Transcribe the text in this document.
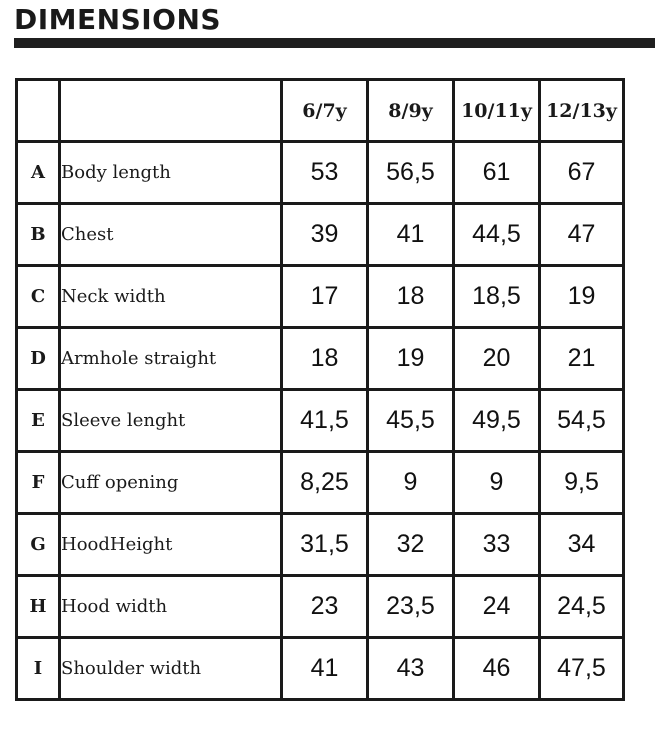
DIMENSIONS
		6/7y	8/9y	10/11y	12/13y
A	Body length	53	56,5	61	67
B	Chest	39	41	44,5	47
C	Neck width	17	18	18,5	19
D	Armhole straight	18	19	20	21
E	Sleeve lenght	41,5	45,5	49,5	54,5
F	Cuff opening	8,25	9	9	9,5
G	HoodHeight	31,5	32	33	34
H	Hood width	23	23,5	24	24,5
I	Shoulder width	41	43	46	47,5
